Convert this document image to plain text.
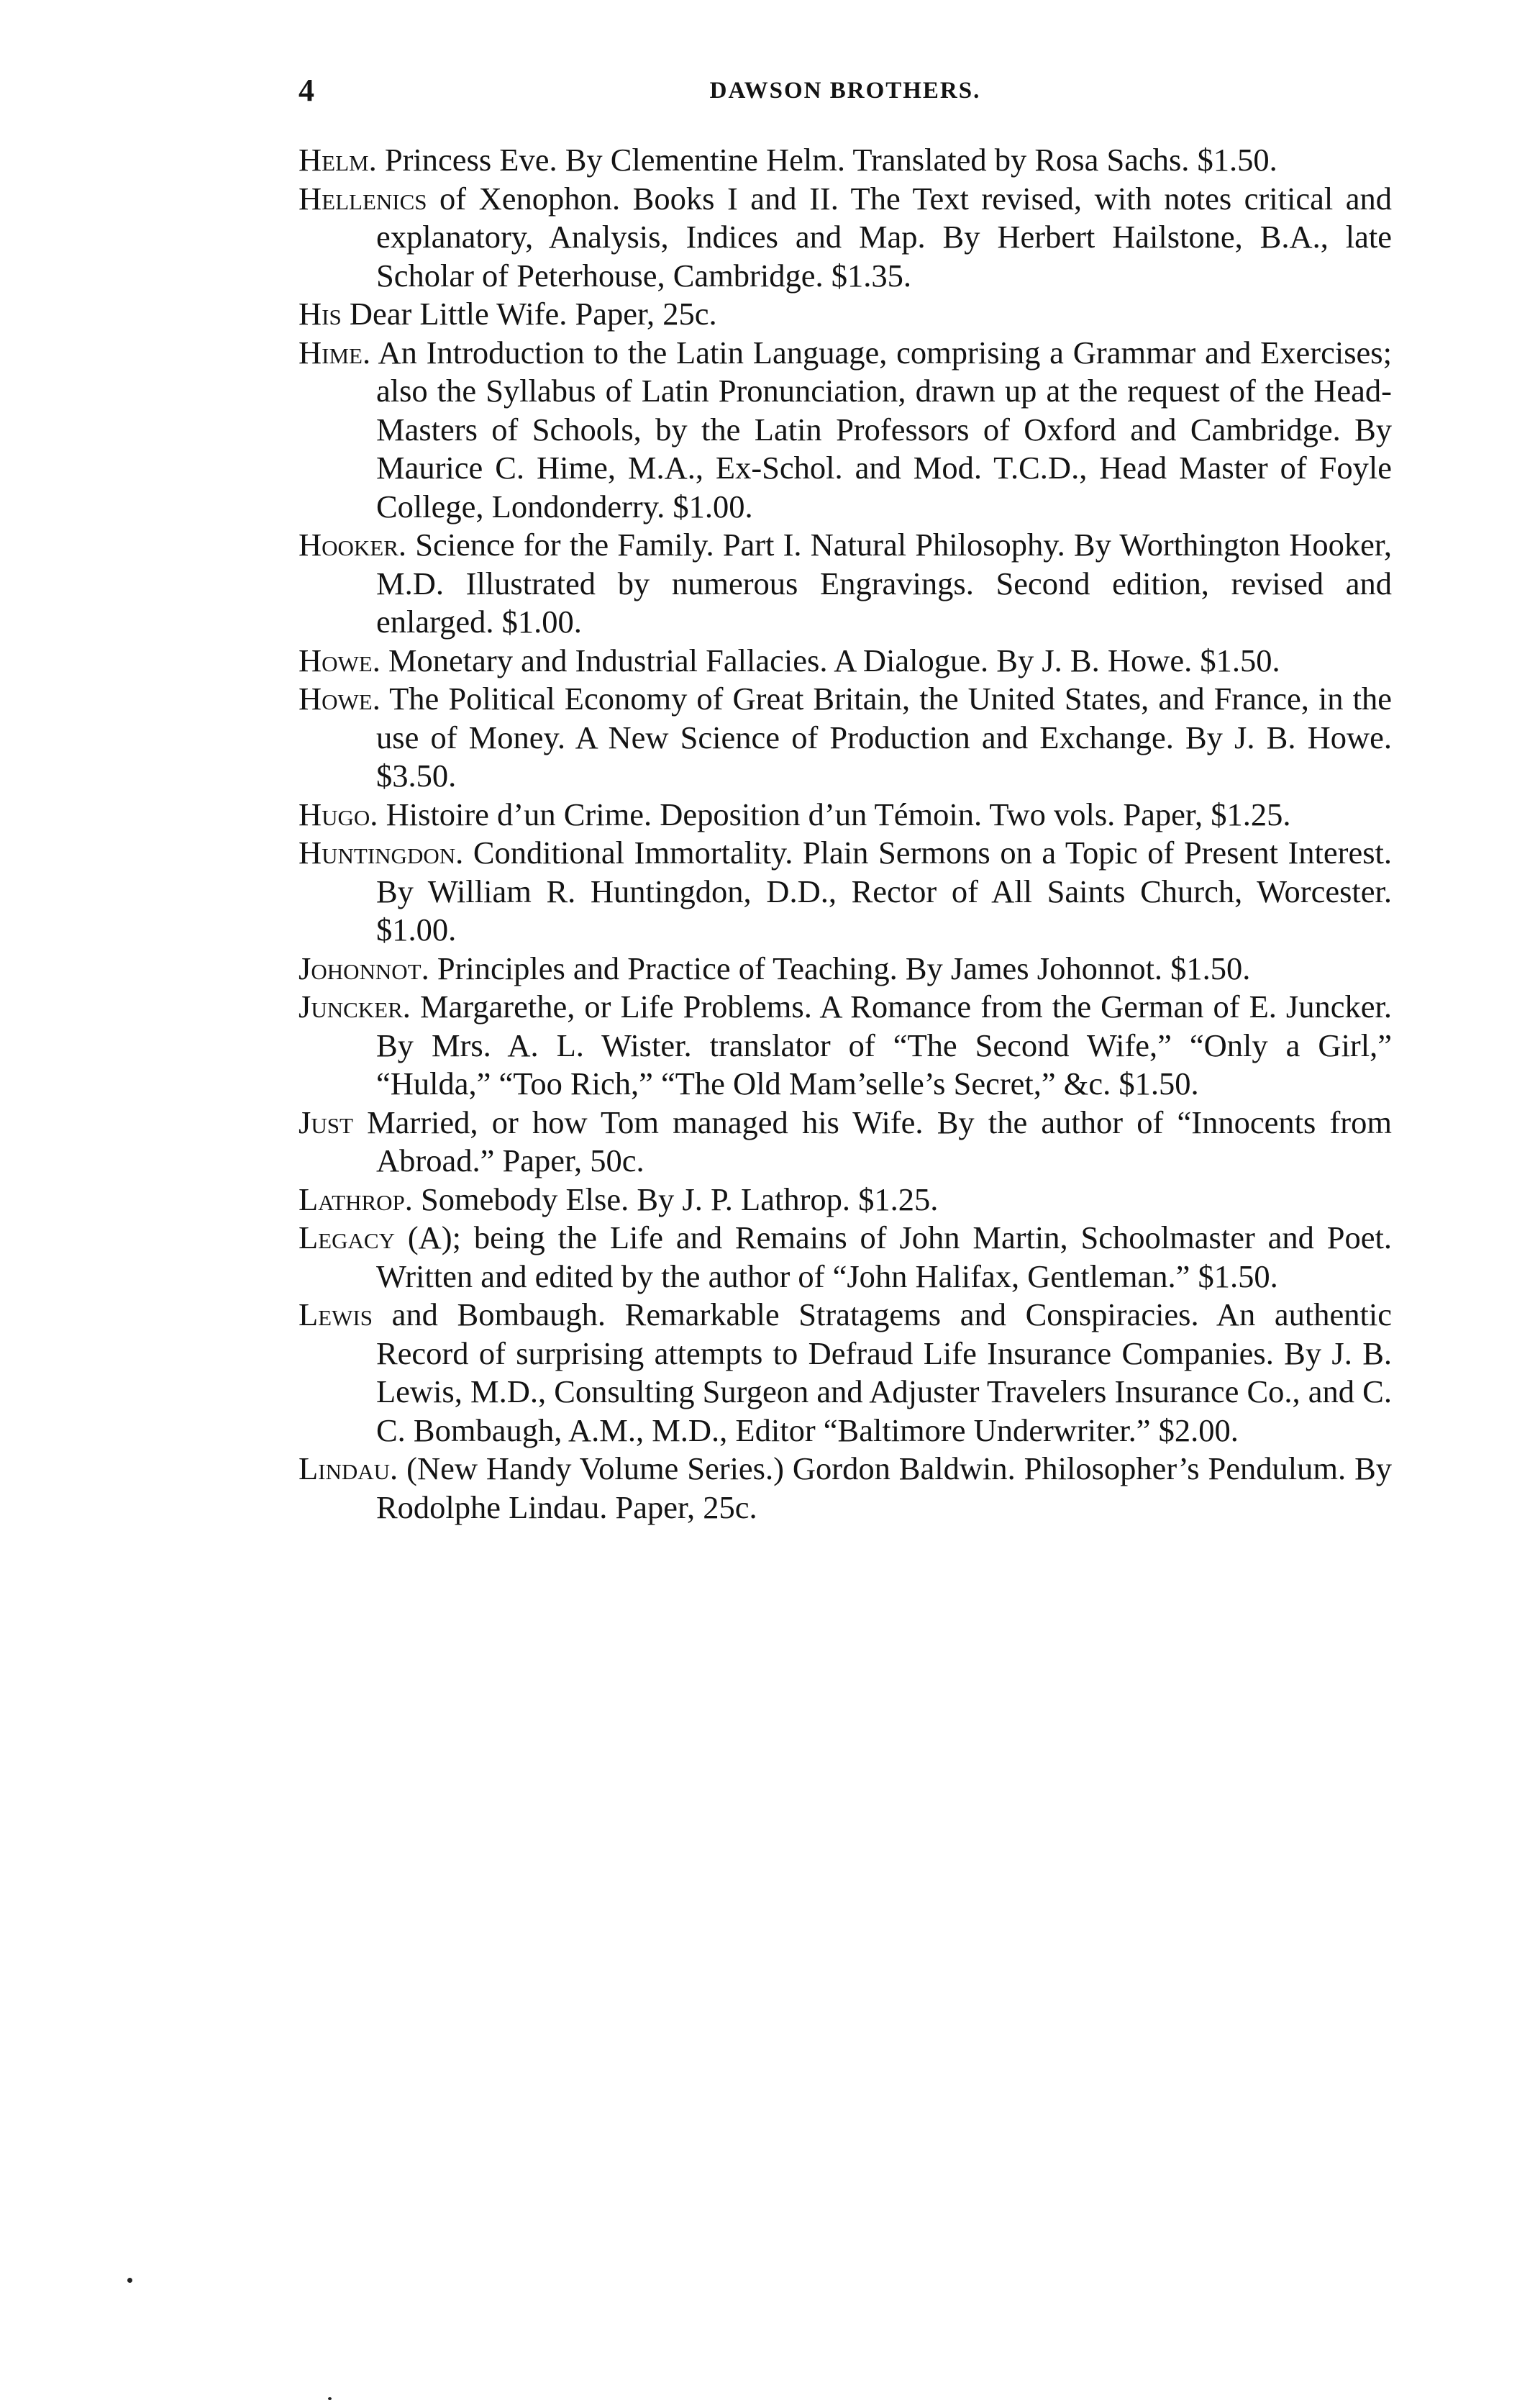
4	DAWSON BROTHERS.

Helm. Princess Eve. By Clementine Helm. Translated by Rosa Sachs. $1.50.

Hellenics of Xenophon. Books I and II. The Text revised, with notes critical and explanatory, Analysis, Indices and Map. By Herbert Hailstone, B.A., late Scholar of Peterhouse, Cambridge. $1.35.

His Dear Little Wife. Paper, 25c.

Hime. An Introduction to the Latin Language, comprising a Grammar and Exercises; also the Syllabus of Latin Pronunciation, drawn up at the request of the Head-Masters of Schools, by the Latin Professors of Oxford and Cambridge. By Maurice C. Hime, M.A., Ex-Schol. and Mod. T.C.D., Head Master of Foyle College, Londonderry. $1.00.

Hooker. Science for the Family. Part I. Natural Philosophy. By Worthington Hooker, M.D. Illustrated by numerous Engravings. Second edition, revised and enlarged. $1.00.

Howe. Monetary and Industrial Fallacies. A Dialogue. By J. B. Howe. $1.50.

Howe. The Political Economy of Great Britain, the United States, and France, in the use of Money. A New Science of Production and Exchange. By J. B. Howe. $3.50.

Hugo. Histoire d’un Crime. Deposition d’un Témoin. Two vols. Paper, $1.25.

Huntingdon. Conditional Immortality. Plain Sermons on a Topic of Present Interest. By William R. Huntingdon, D.D., Rector of All Saints Church, Worcester. $1.00.

Johonnot. Principles and Practice of Teaching. By James Johonnot. $1.50.

Juncker. Margarethe, or Life Problems. A Romance from the German of E. Juncker. By Mrs. A. L. Wister. translator of “The Second Wife,” “Only a Girl,” “Hulda,” “Too Rich,” “The Old Mam’selle’s Secret,” &c. $1.50.

Just Married, or how Tom managed his Wife. By the author of “Innocents from Abroad.” Paper, 50c.

Lathrop. Somebody Else. By J. P. Lathrop. $1.25.

Legacy (A); being the Life and Remains of John Martin, Schoolmaster and Poet. Written and edited by the author of “John Halifax, Gentleman.” $1.50.

Lewis and Bombaugh. Remarkable Stratagems and Conspiracies. An authentic Record of surprising attempts to Defraud Life Insurance Companies. By J. B. Lewis, M.D., Consulting Surgeon and Adjuster Travelers Insurance Co., and C. C. Bombaugh, A.M., M.D., Editor “Baltimore Underwriter.” $2.00.

Lindau. (New Handy Volume Series.) Gordon Baldwin. Philosopher’s Pendulum. By Rodolphe Lindau. Paper, 25c.
